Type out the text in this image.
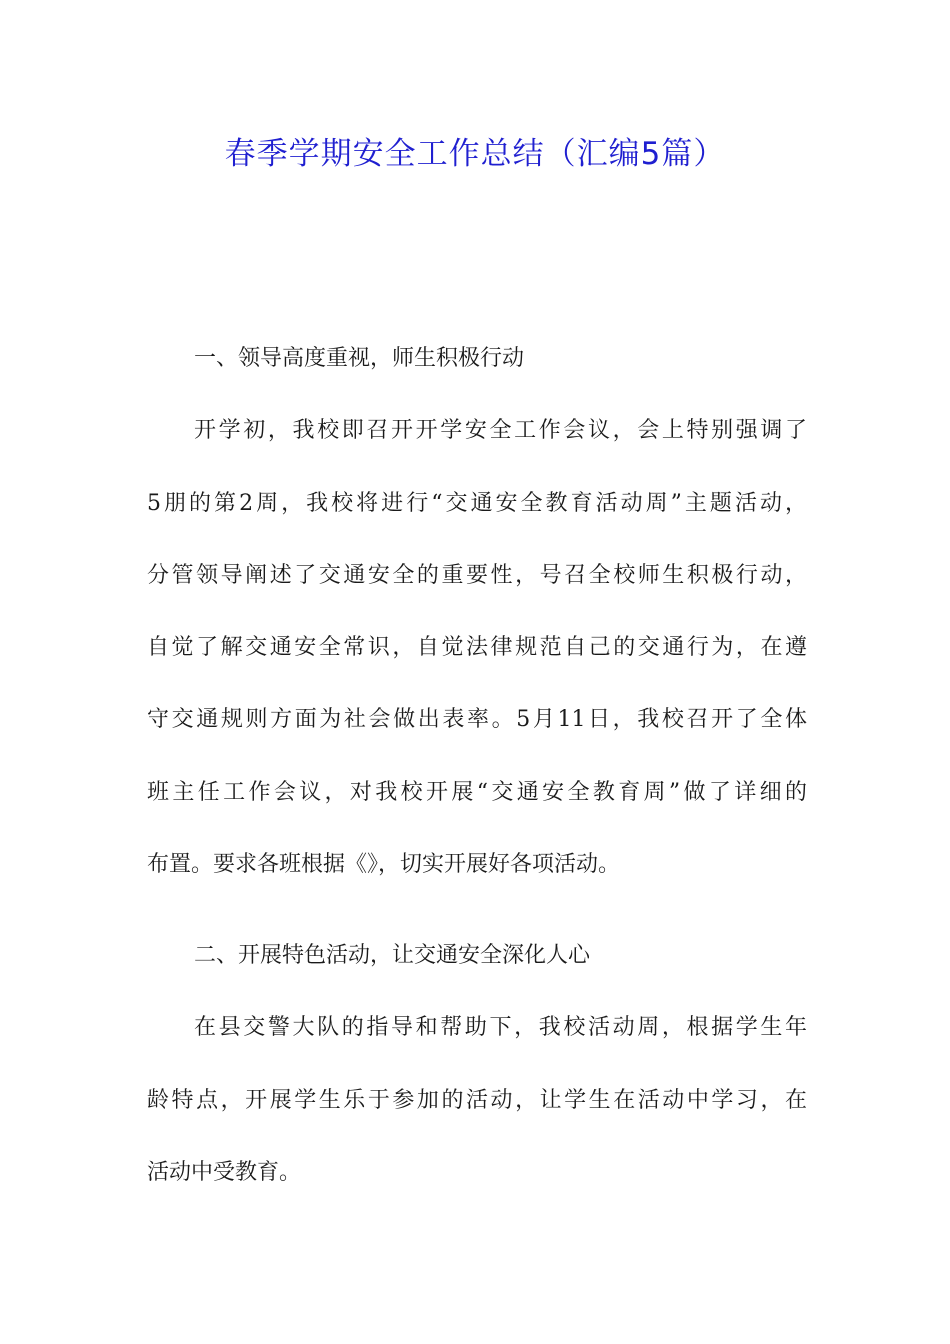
春季学期安全工作总结（汇编5篇）
一、领导高度重视，师生积极行动
开学初，我校即召开开学安全工作会议，会上特别强调了
5朋的第2周，我校将进行“交通安全教育活动周”主题活动，
分管领导阐述了交通安全的重要性，号召全校师生积极行动，
自觉了解交通安全常识，自觉法律规范自己的交通行为，在遵
守交通规则方面为社会做出表率。5月11日，我校召开了全体
班主任工作会议，对我校开展“交通安全教育周”做了详细的
布置。要求各班根据《》，切实开展好各项活动。
二、开展特色活动，让交通安全深化人心
在县交警大队的指导和帮助下，我校活动周，根据学生年
龄特点，开展学生乐于参加的活动，让学生在活动中学习，在
活动中受教育。
